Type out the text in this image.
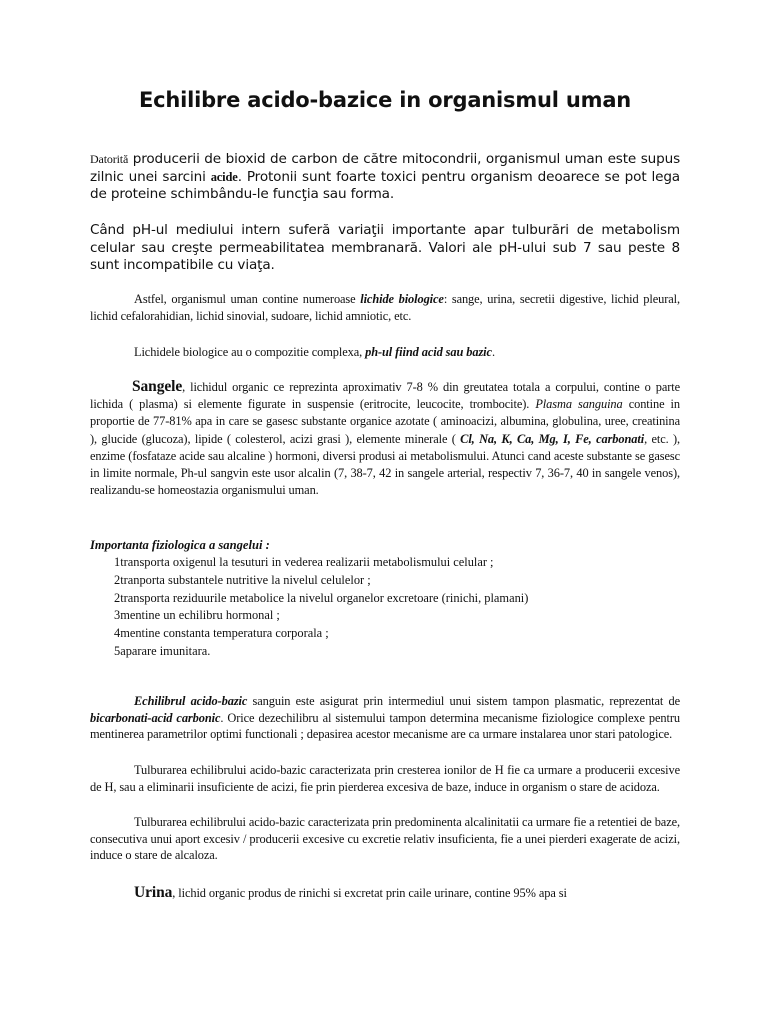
Echilibre acido-bazice in organismul uman

Datorită producerii de bioxid de carbon de către mitocondrii, organismul uman este supus zilnic unei sarcini acide. Protonii sunt foarte toxici pentru organism deoarece se pot lega de proteine schimbându-le funcţia sau forma.

Când pH-ul mediului intern suferă variaţii importante apar tulburări de metabolism celular sau creşte permeabilitatea membranară. Valori ale pH-ului sub 7 sau peste 8 sunt incompatibile cu viaţa.

Astfel, organismul uman contine numeroase lichide biologice: sange, urina, secretii digestive, lichid pleural, lichid cefalorahidian, lichid sinovial, sudoare, lichid amniotic, etc.

Lichidele biologice au o compozitie complexa, ph-ul fiind acid sau bazic.

Sangele, lichidul organic ce reprezinta aproximativ 7-8 % din greutatea totala a corpului, contine o parte lichida ( plasma) si elemente figurate in suspensie (eritrocite, leucocite, trombocite). Plasma sanguina contine in proportie de 77-81% apa in care se gasesc substante organice azotate ( aminoacizi, albumina, globulina, uree, creatinina ), glucide (glucoza), lipide ( colesterol, acizi grasi ), elemente minerale ( Cl, Na, K, Ca, Mg, I, Fe, carbonati, etc. ), enzime (fosfataze acide sau alcaline ) hormoni, diversi produsi ai metabolismului. Atunci cand aceste substante se gasesc in limite normale, Ph-ul sangvin este usor alcalin (7, 38-7, 42 in sangele arterial, respectiv 7, 36-7, 40 in sangele venos), realizandu-se homeostazia organismului uman.

Importanta fiziologica a sangelui :

1transporta oxigenul la tesuturi in vederea realizarii metabolismului celular ;
2tranporta substantele nutritive la nivelul celulelor ;
2transporta reziduurile metabolice la nivelul organelor excretoare (rinichi, plamani)
3mentine un echilibru hormonal ;
4mentine constanta temperatura corporala ;
5aparare imunitara.

Echilibrul acido-bazic sanguin este asigurat prin intermediul unui sistem tampon plasmatic, reprezentat de bicarbonati-acid carbonic. Orice dezechilibru al sistemului tampon determina mecanisme fiziologice complexe pentru mentinerea parametrilor optimi functionali ; depasirea acestor mecanisme are ca urmare instalarea unor stari patologice.

Tulburarea echilibrului acido-bazic caracterizata prin cresterea ionilor de H fie ca urmare a producerii excesive de H, sau a eliminarii insuficiente de acizi, fie prin pierderea excesiva de baze, induce in organism o stare de acidoza.

Tulburarea echilibrului acido-bazic caracterizata prin predominenta alcalinitatii ca urmare fie a retentiei de baze, consecutiva unui aport excesiv / producerii excesive cu excretie relativ insuficienta, fie a unei pierderi exagerate de acizi, induce o stare de alcaloza.

Urina, lichid organic produs de rinichi si excretat prin caile urinare, contine 95% apa si
